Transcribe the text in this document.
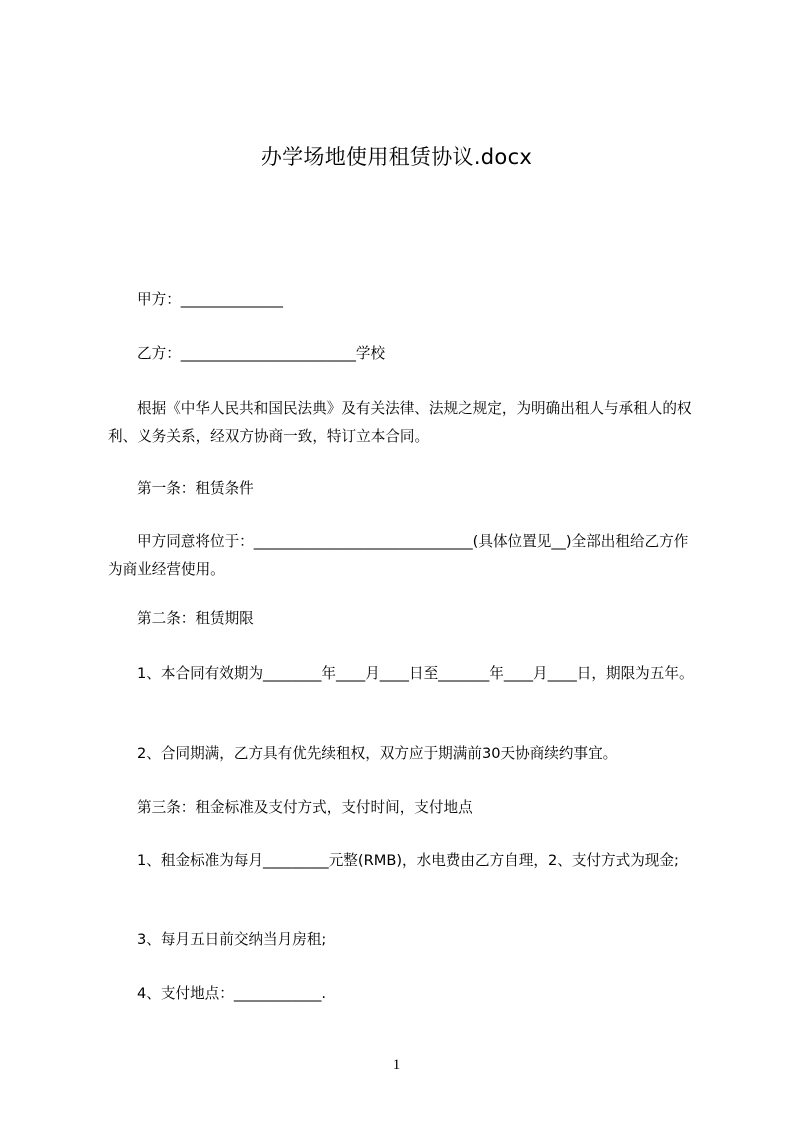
办学场地使用租赁协议.docx

甲方：______________

乙方：________________________学校

根据《中华人民共和国民法典》及有关法律、法规之规定，为明确出租人与承租人的权利、义务关系，经双方协商一致，特订立本合同。

第一条：租赁条件

甲方同意将位于：______________________________(具体位置见__)全部出租给乙方作为商业经营使用。

第二条：租赁期限

1、本合同有效期为________年____月____日至_______年____月____日，期限为五年。

2、合同期满，乙方具有优先续租权，双方应于期满前30天协商续约事宜。

第三条：租金标准及支付方式，支付时间，支付地点

1、租金标准为每月_________元整(RMB)，水电费由乙方自理，2、支付方式为现金;

3、每月五日前交纳当月房租;

4、支付地点：____________.

1
